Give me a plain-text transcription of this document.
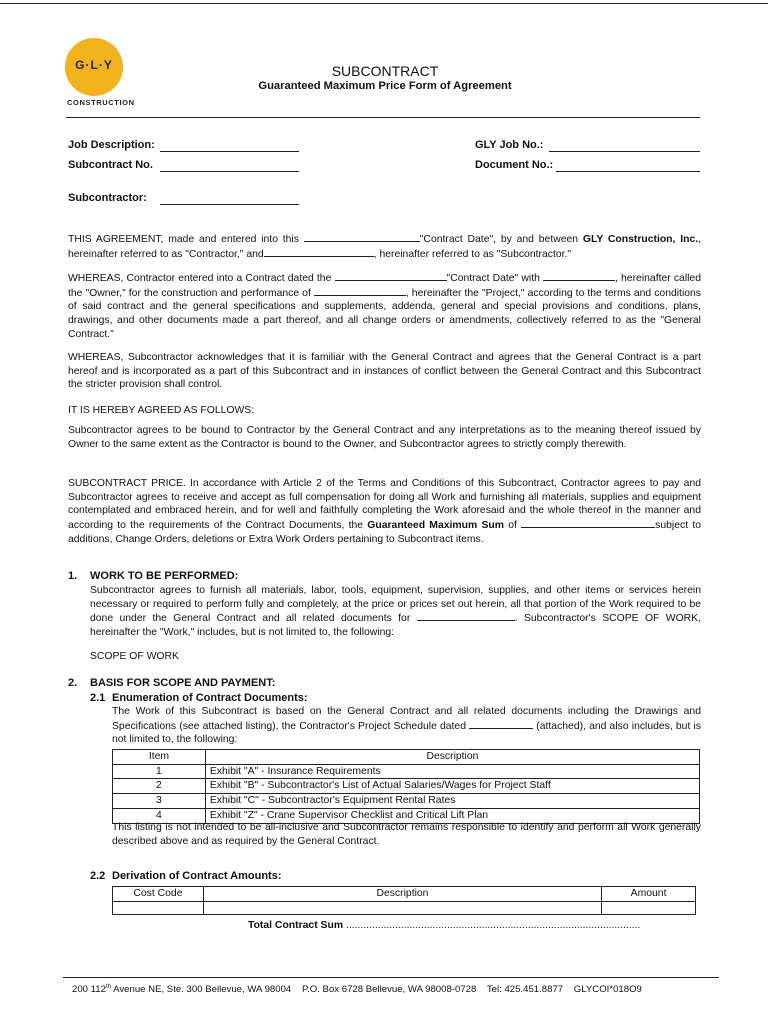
G·L·Y
CONSTRUCTION
SUBCONTRACT
Guaranteed Maximum Price Form of Agreement
Job Description:
Subcontract No.
Subcontractor:
GLY Job No.:
Document No.:

THIS AGREEMENT, made and entered into this	"Contract Date", by and between GLY Construction, Inc., hereinafter referred to as "Contractor," and	, hereinafter referred to as "Subcontractor."

WHEREAS, Contractor entered into a Contract dated the	"Contract Date" with	, hereinafter called the "Owner," for the construction and performance of	, hereinafter the "Project," according to the terms and conditions of said contract and the general specifications and supplements, addenda, general and special provisions and conditions, plans, drawings, and other documents made a part thereof, and all change orders or amendments, collectively referred to as the "General Contract."

WHEREAS, Subcontractor acknowledges that it is familiar with the General Contract and agrees that the General Contract is a part hereof and is incorporated as a part of this Subcontract and in instances of conflict between the General Contract and this Subcontract the stricter provision shall control.
IT IS HEREBY AGREED AS FOLLOWS:
Subcontractor agrees to be bound to Contractor by the General Contract and any interpretations as to the meaning thereof issued by Owner to the same extent as the Contractor is bound to the Owner, and Subcontractor agrees to strictly comply therewith.

SUBCONTRACT PRICE. In accordance with Article 2 of the Terms and Conditions of this Subcontract, Contractor agrees to pay and Subcontractor agrees to receive and accept as full compensation for doing all Work and furnishing all materials, supplies and equipment contemplated and embraced herein, and for well and faithfully completing the Work aforesaid and the whole thereof in the manner and according to the requirements of the Contract Documents, the Guaranteed Maximum Sum of	subject to additions, Change Orders, deletions or Extra Work Orders pertaining to Subcontract items.

1. WORK TO BE PERFORMED:

Subcontractor agrees to furnish all materials, labor, tools, equipment, supervision, supplies, and other items or services herein necessary or required to perform fully and completely, at the price or prices set out herein, all that portion of the Work required to be done under the General Contract and all related documents for	. Subcontractor's SCOPE OF WORK, hereinafter the "Work," includes, but is not limited to, the following:

SCOPE OF WORK
2. BASIS FOR SCOPE AND PAYMENT:
2.1 Enumeration of Contract Documents:

The Work of this Subcontract is based on the General Contract and all related documents including the Drawings and Specifications (see attached listing), the Contractor's Project Schedule dated	(attached), and also includes, but is not limited to, the following:

Item	Description
1	Exhibit "A" - Insurance Requirements
2	Exhibit "B" - Subcontractor's List of Actual Salaries/Wages for Project Staff
3	Exhibit "C" - Subcontractor's Equipment Rental Rates
4	Exhibit "Z" - Crane Supervisor Checklist and Critical Lift Plan
This listing is not intended to be all-inclusive and Subcontractor remains responsible to identify and perform all Work generally described above and as required by the General Contract.
2.2 Derivation of Contract Amounts:
Cost Code	Description	Amount

Total Contract Sum ......................................................................................................
200 112th Avenue NE, Ste. 300 Bellevue, WA 98004 P.O. Box 6728 Bellevue, WA 98008-0728 Tel: 425.451.8877 GLYCOI*018O9
